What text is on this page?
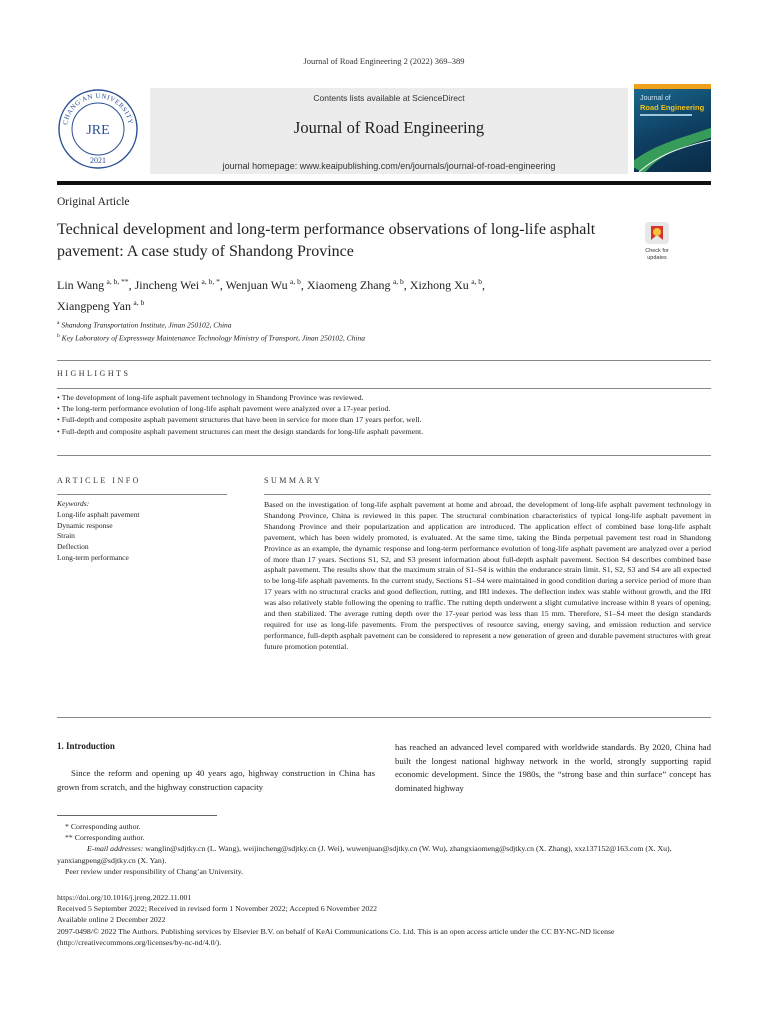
Journal of Road Engineering 2 (2022) 369–389
CHANG'AN UNIVERSITY
JRE
2021
Contents lists available at ScienceDirect
Journal of Road Engineering
journal homepage: www.keaipublishing.com/en/journals/journal-of-road-engineering
Journal of
Road Engineering
Original Article
Technical development and long-term performance observations of long-life asphalt pavement: A case study of Shandong Province	Check for
updates
Lin Wang  $^{a, b, **}$, Jincheng Wei  $^{a, b, *}$, Wenjuan Wu  $^{a, b}$, Xiaomeng Zhang  $^{a, b}$, Xizhong Xu  $^{a, b}$,
Xiangpeng Yan  $^{a, b}$
$^a$ Shandong Transportation Institute, Jinan 250102, China
$^b$ Key Laboratory of Expressway Maintenance Technology Ministry of Transport, Jinan 250102, China
HIGHLIGHTS
• The development of long-life asphalt pavement technology in Shandong Province was reviewed.
• The long-term performance evolution of long-life asphalt pavement were analyzed over a 17-year period.
• Full-depth and composite asphalt pavement structures that have been in service for more than 17 years perfor, well.
• Full-depth and composite asphalt pavement structures can meet the design standards for long-life asphalt pavement.
ARTICLE INFO	SUMMARY
Keywords:
Long-life asphalt pavement
Dynamic response
Strain
Deflection
Long-term performance
Based on the investigation of long-life asphalt pavement at home and abroad, the development of long-life asphalt pavement technology in Shandong Province, China is reviewed in this paper. The structural combination characteristics of typical long-life asphalt pavement in Shandong Province and their popularization and application are introduced. The application effect of combined base long-life asphalt pavement, which has been widely promoted, is evaluated. At the same time, taking the Binda perpetual pavement test road in Shandong Province as an example, the dynamic response and long-term performance evolution of long-life asphalt pavement are analyzed over a period of more than 17 years. Sections S1, S2, and S3 present information about full-depth asphalt pavement. Section S4 describes combined base asphalt pavement. The results show that the maximum strain of S1–S4 is within the endurance strain limit. S1, S2, S3 and S4 are all expected to be long-life asphalt pavements. In the current study, Sections S1–S4 were maintained in good condition during a service period of more than 17 years with no structural cracks and good deflection, rutting, and IRI indexes. The deflection index was stable without growth, and the IRI was also relatively stable following the opening to traffic. The rutting depth underwent a slight cumulative increase within 8 years of opening, and then stabilized. The average rutting depth over the 17-year period was less than 15 mm. Therefore, S1–S4 meet the design standards required for use as long-life pavements. From the perspectives of resource saving, energy saving, and emission reduction and service performance, full-depth asphalt pavement can be considered to represent a new generation of green and durable pavement structures with great future promotion potential.
1. Introduction
Since the reform and opening up 40 years ago, highway construction in China has grown from scratch, and the highway construction capacity
has reached an advanced level compared with worldwide standards. By 2020, China had built the longest national highway network in the world, strongly supporting rapid economic development. Since the 1980s, the “strong base and thin surface” concept has dominated highway
* Corresponding author.
** Corresponding author.
E-mail addresses: wanglin@sdjtky.cn (L. Wang), weijincheng@sdjtky.cn (J. Wei), wuwenjuan@sdjtky.cn (W. Wu), zhangxiaomeng@sdjtky.cn (X. Zhang), xxz137152@163.com (X. Xu), yanxiangpeng@sdjtky.cn (X. Yan).
Peer review under responsibility of Chang’an University.
https://doi.org/10.1016/j.jreng.2022.11.001
Received 5 September 2022; Received in revised form 1 November 2022; Accepted 6 November 2022
Available online 2 December 2022
2097-0498/© 2022 The Authors. Publishing services by Elsevier B.V. on behalf of KeAi Communications Co. Ltd. This is an open access article under the CC BY-NC-ND license (http://creativecommons.org/licenses/by-nc-nd/4.0/).
